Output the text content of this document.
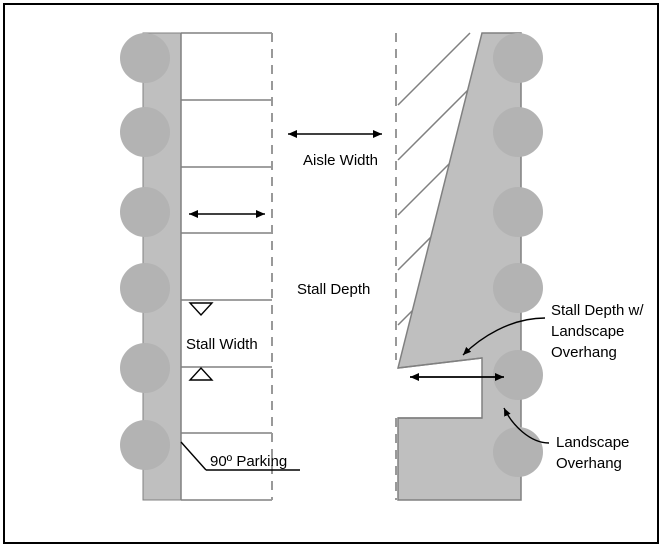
Aisle Width
Stall Depth
Stall Width
90º Parking
Stall Depth w/
Landscape
Overhang
Landscape
Overhang
